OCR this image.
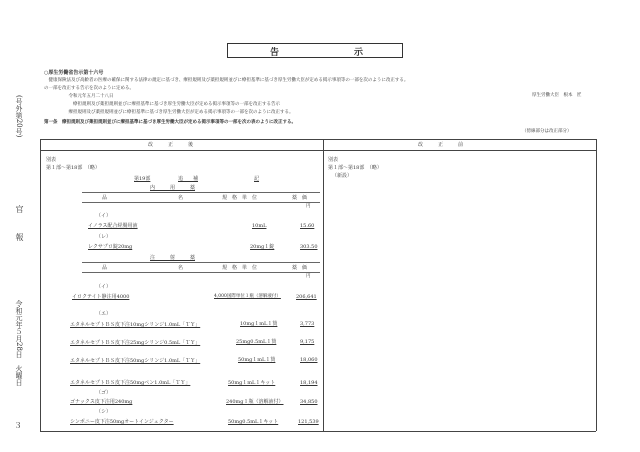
(号外第20号)
官　報
令和元年５月28日　火曜日
３
告	示
○厚生労働省告示第十六号
　健康保険法及び高齢者の医療の確保に関する法律の規定に基づき、療担規則及び薬担規則並びに療担基準に基づき厚生労働大臣が定める掲示事項等の一部を次のように改正する。
の一部を改正する告示を次のように定める。
　令和元年五月二十八日
　　療担規則及び薬担規則並びに療担基準に基づき厚生労働大臣が定める掲示事項等の一部を改正する告示
　療担規則及び薬担規則並びに療担基準に基づき厚生労働大臣が定める掲示事項等の一部を次のように改正する。
第一条　療担規則及び薬担規則並びに療担基準に基づき厚生労働大臣が定める掲示事項等の一部を次の表のように改正する。
厚生労働大臣　根本　匠
（傍線部分は改正部分）
改　　　正　　　後	改　　　正　　　前
別表
第１部～第18部　（略）
（新設）
別表
第１部～第18部　（略）
第19部	追　　補	記
内　　　用　　　薬
品	名	規　格　単　位	薬　価
円
（イ）
イノラス配合経腸用液	10mL	15.60
（レ）
レクサプロ錠20mg	20mg１錠	303.50
注　　　射　　　薬
品	名	規　格　単　位	薬　価
円
（イ）
イロクテイト静注用4000	4,000国際単位１瓶（溶解液付）	206,641
（エ）
エタネルセプトＢＳ皮下注10mgシリンジ1.0mL「ＴＹ」	10mg１mL１筒	3,773
エタネルセプトＢＳ皮下注25mgシリンジ0.5mL「ＴＹ」	25mg0.5mL１筒	9,175
エタネルセプトＢＳ皮下注50mgシリンジ1.0mL「ＴＹ」	50mg１mL１筒	18,060
エタネルセプトＢＳ皮下注50mgペン1.0mL「ＴＹ」	50mg１mL１キット	18,194
（ゴ）
ゴナックス皮下注用240mg	240mg１瓶（溶解液付）	34,850
（シ）
シンポニー皮下注50mgオートインジェクター	50mg0.5mL１キット	121,539
